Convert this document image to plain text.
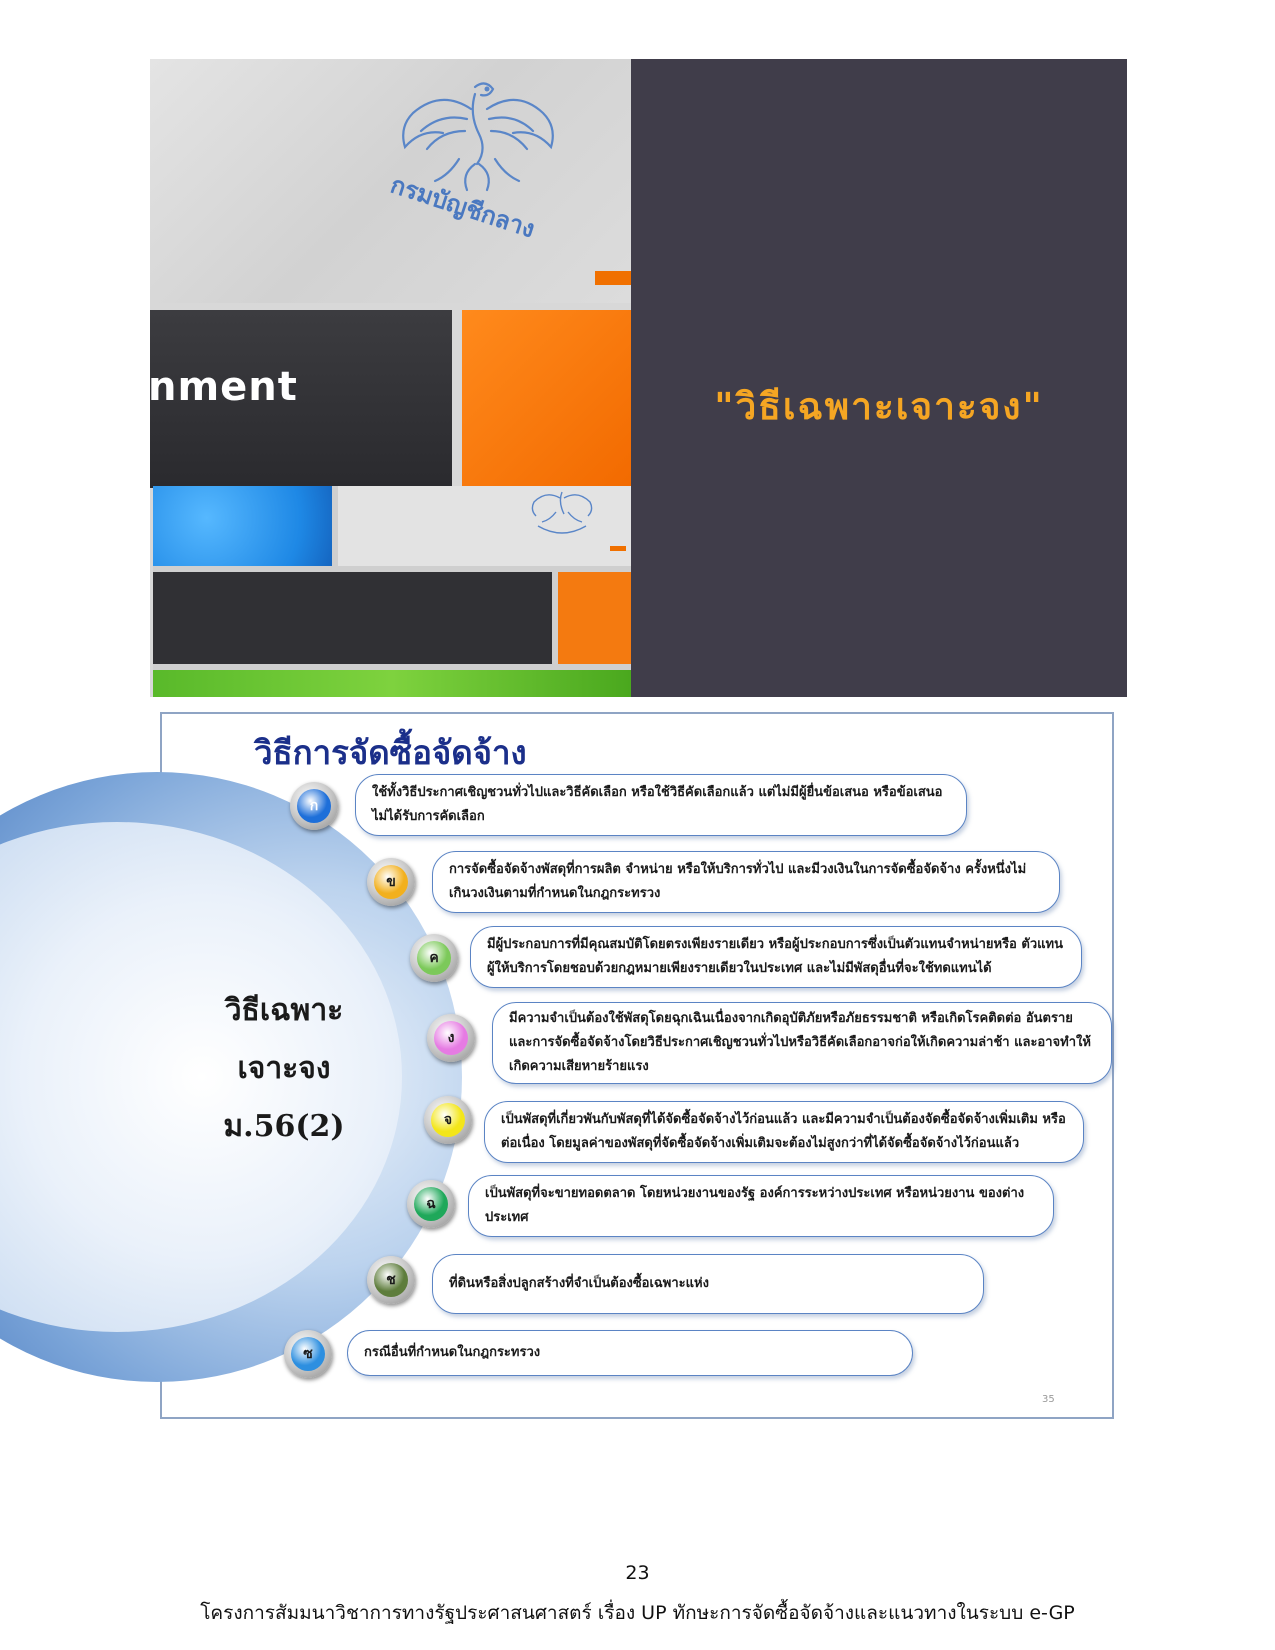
กรมบัญชีกลาง
nment	"วิธีเฉพาะเจาะจง"
วิธีการจัดซื้อจัดจ้าง
วิธีเฉพาะ
เจาะจง
ม.56(2)
ก
ใช้ทั้งวิธีประกาศเชิญชวนทั่วไปและวิธีคัดเลือก หรือใช้วิธีคัดเลือกแล้ว แต่ไม่มีผู้ยื่นข้อเสนอ หรือข้อเสนอไม่ได้รับการคัดเลือก
ข
การจัดซื้อจัดจ้างพัสดุที่การผลิต จำหน่าย หรือให้บริการทั่วไป และมีวงเงินในการจัดซื้อจัดจ้าง ครั้งหนึ่งไม่เกินวงเงินตามที่กำหนดในกฎกระทรวง
ค
มีผู้ประกอบการที่มีคุณสมบัติโดยตรงเพียงรายเดียว หรือผู้ประกอบการซึ่งเป็นตัวแทนจำหน่ายหรือ ตัวแทนผู้ให้บริการโดยชอบด้วยกฎหมายเพียงรายเดียวในประเทศ และไม่มีพัสดุอื่นที่จะใช้ทดแทนได้
ง
มีความจำเป็นต้องใช้พัสดุโดยฉุกเฉินเนื่องจากเกิดอุบัติภัยหรือภัยธรรมชาติ หรือเกิดโรคติดต่อ อันตราย และการจัดซื้อจัดจ้างโดยวิธีประกาศเชิญชวนทั่วไปหรือวิธีคัดเลือกอาจก่อให้เกิดความล่าช้า และอาจทำให้เกิดความเสียหายร้ายแรง
จ	เป็นพัสดุที่เกี่ยวพันกับพัสดุที่ได้จัดซื้อจัดจ้างไว้ก่อนแล้ว และมีความจำเป็นต้องจัดซื้อจัดจ้างเพิ่มเติม หรือต่อเนื่อง โดยมูลค่าของพัสดุที่จัดซื้อจัดจ้างเพิ่มเติมจะต้องไม่สูงกว่าที่ได้จัดซื้อจัดจ้างไว้ก่อนแล้ว
ฉ
เป็นพัสดุที่จะขายทอดตลาด โดยหน่วยงานของรัฐ องค์การระหว่างประเทศ หรือหน่วยงาน ของต่างประเทศ
ช	ที่ดินหรือสิ่งปลูกสร้างที่จำเป็นต้องซื้อเฉพาะแห่ง
ซ	กรณีอื่นที่กำหนดในกฎกระทรวง
35
23
โครงการสัมมนาวิชาการทางรัฐประศาสนศาสตร์ เรื่อง UP ทักษะการจัดซื้อจัดจ้างและแนวทางในระบบ e-GP
